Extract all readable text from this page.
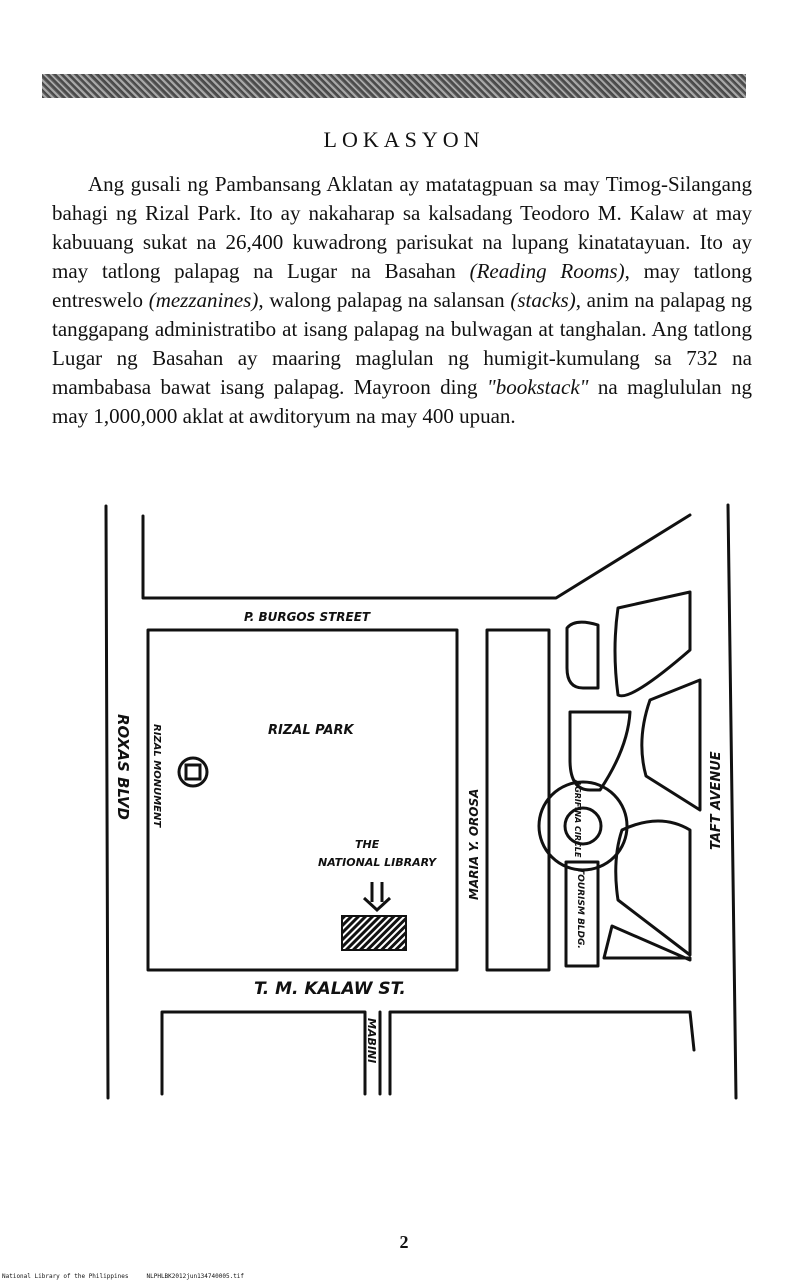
LOKASYON

Ang gusali ng Pambansang Aklatan ay matatagpuan sa may Timog-Silangang bahagi ng Rizal Park. Ito ay nakaharap sa kalsadang Teodoro M. Kalaw at may kabuuang sukat na 26,400 kuwadrong parisukat na lupang kinatatayuan. Ito ay may tatlong palapag na Lugar na Basahan (Reading Rooms), may tatlong entreswelo (mezzanines), walong palapag na salansan (stacks), anim na palapag ng tanggapang administratibo at isang palapag na bulwagan at tanghalan. Ang tatlong Lugar ng Basahan ay maaring maglulan ng humigit-kumulang sa 732 na mambabasa bawat isang palapag. Mayroon ding "bookstack" na maglululan ng may 1,000,000 aklat at awditoryum na may 400 upuan.

P. BURGOS STREET
RIZAL PARK
THE
NATIONAL LIBRARY
T. M. KALAW ST.
ROXAS BLVD RIZAL MONUMENT
MARIA Y. OROSA	TAFT AVENUE
AGRIFINA CIRCLE
TOURISM BLDG.
MABINI
2
National Library of the Philippines     NLPHLBK2012jun134740005.tif
